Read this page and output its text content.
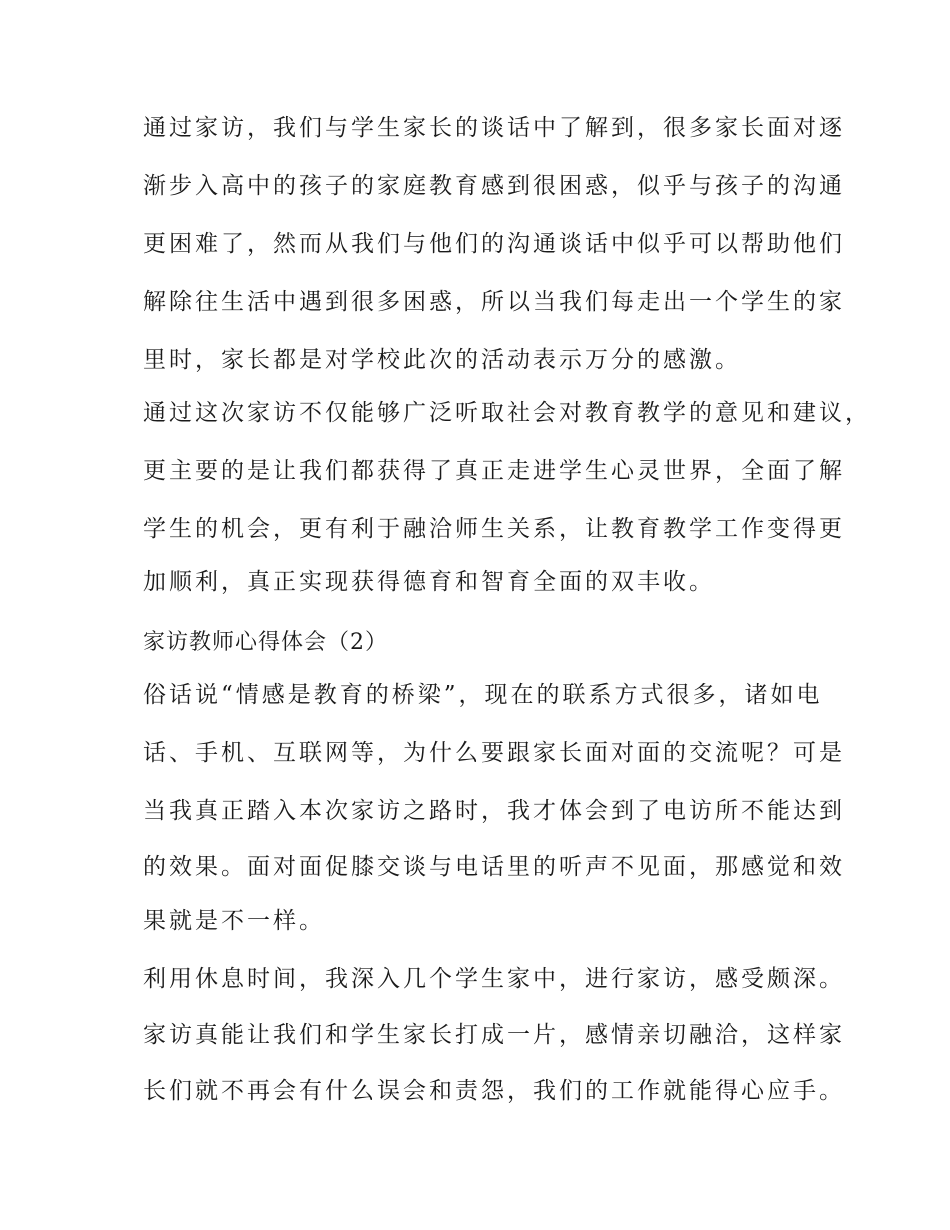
通过家访，我们与学生家长的谈话中了解到，很多家长面对逐
渐步入高中的孩子的家庭教育感到很困惑，似乎与孩子的沟通
更困难了，然而从我们与他们的沟通谈话中似乎可以帮助他们
解除往生活中遇到很多困惑，所以当我们每走出一个学生的家
里时，家长都是对学校此次的活动表示万分的感激。
通过这次家访不仅能够广泛听取社会对教育教学的意见和建议，
更主要的是让我们都获得了真正走进学生心灵世界，全面了解
学生的机会，更有利于融洽师生关系，让教育教学工作变得更
加顺利，真正实现获得德育和智育全面的双丰收。
家访教师心得体会（2）
俗话说“情感是教育的桥梁”，现在的联系方式很多，诸如电
话、手机、互联网等，为什么要跟家长面对面的交流呢？可是
当我真正踏入本次家访之路时，我才体会到了电访所不能达到
的效果。面对面促膝交谈与电话里的听声不见面，那感觉和效
果就是不一样。
利用休息时间，我深入几个学生家中，进行家访，感受颇深。
家访真能让我们和学生家长打成一片，感情亲切融洽，这样家
长们就不再会有什么误会和责怨，我们的工作就能得心应手。
